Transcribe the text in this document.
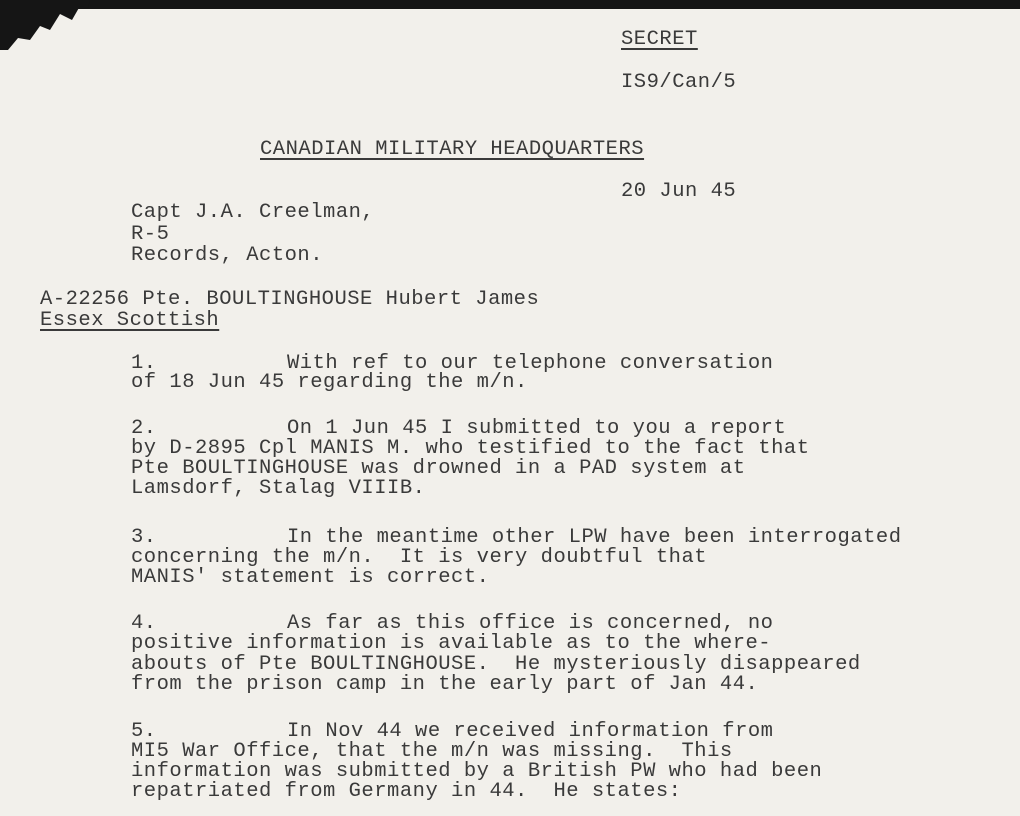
SECRET
IS9/Can/5
CANADIAN MILITARY HEADQUARTERS
20 Jun 45
Capt J.A. Creelman,
R-5
Records, Acton.
A-22256 Pte. BOULTINGHOUSE Hubert James
Essex Scottish
1.	With ref to our telephone conversation
of 18 Jun 45 regarding the m/n.
2.	On 1 Jun 45 I submitted to you a report
by D-2895 Cpl MANIS M. who testified to the fact that
Pte BOULTINGHOUSE was drowned in a PAD system at
Lamsdorf, Stalag VIIIB.
3.	In the meantime other LPW have been interrogated
concerning the m/n.  It is very doubtful that
MANIS' statement is correct.
4.	As far as this office is concerned, no
positive information is available as to the where-
abouts of Pte BOULTINGHOUSE.  He mysteriously disappeared
from the prison camp in the early part of Jan 44.
5.	In Nov 44 we received information from
MI5 War Office, that the m/n was missing.  This
information was submitted by a British PW who had been
repatriated from Germany in 44.  He states:
